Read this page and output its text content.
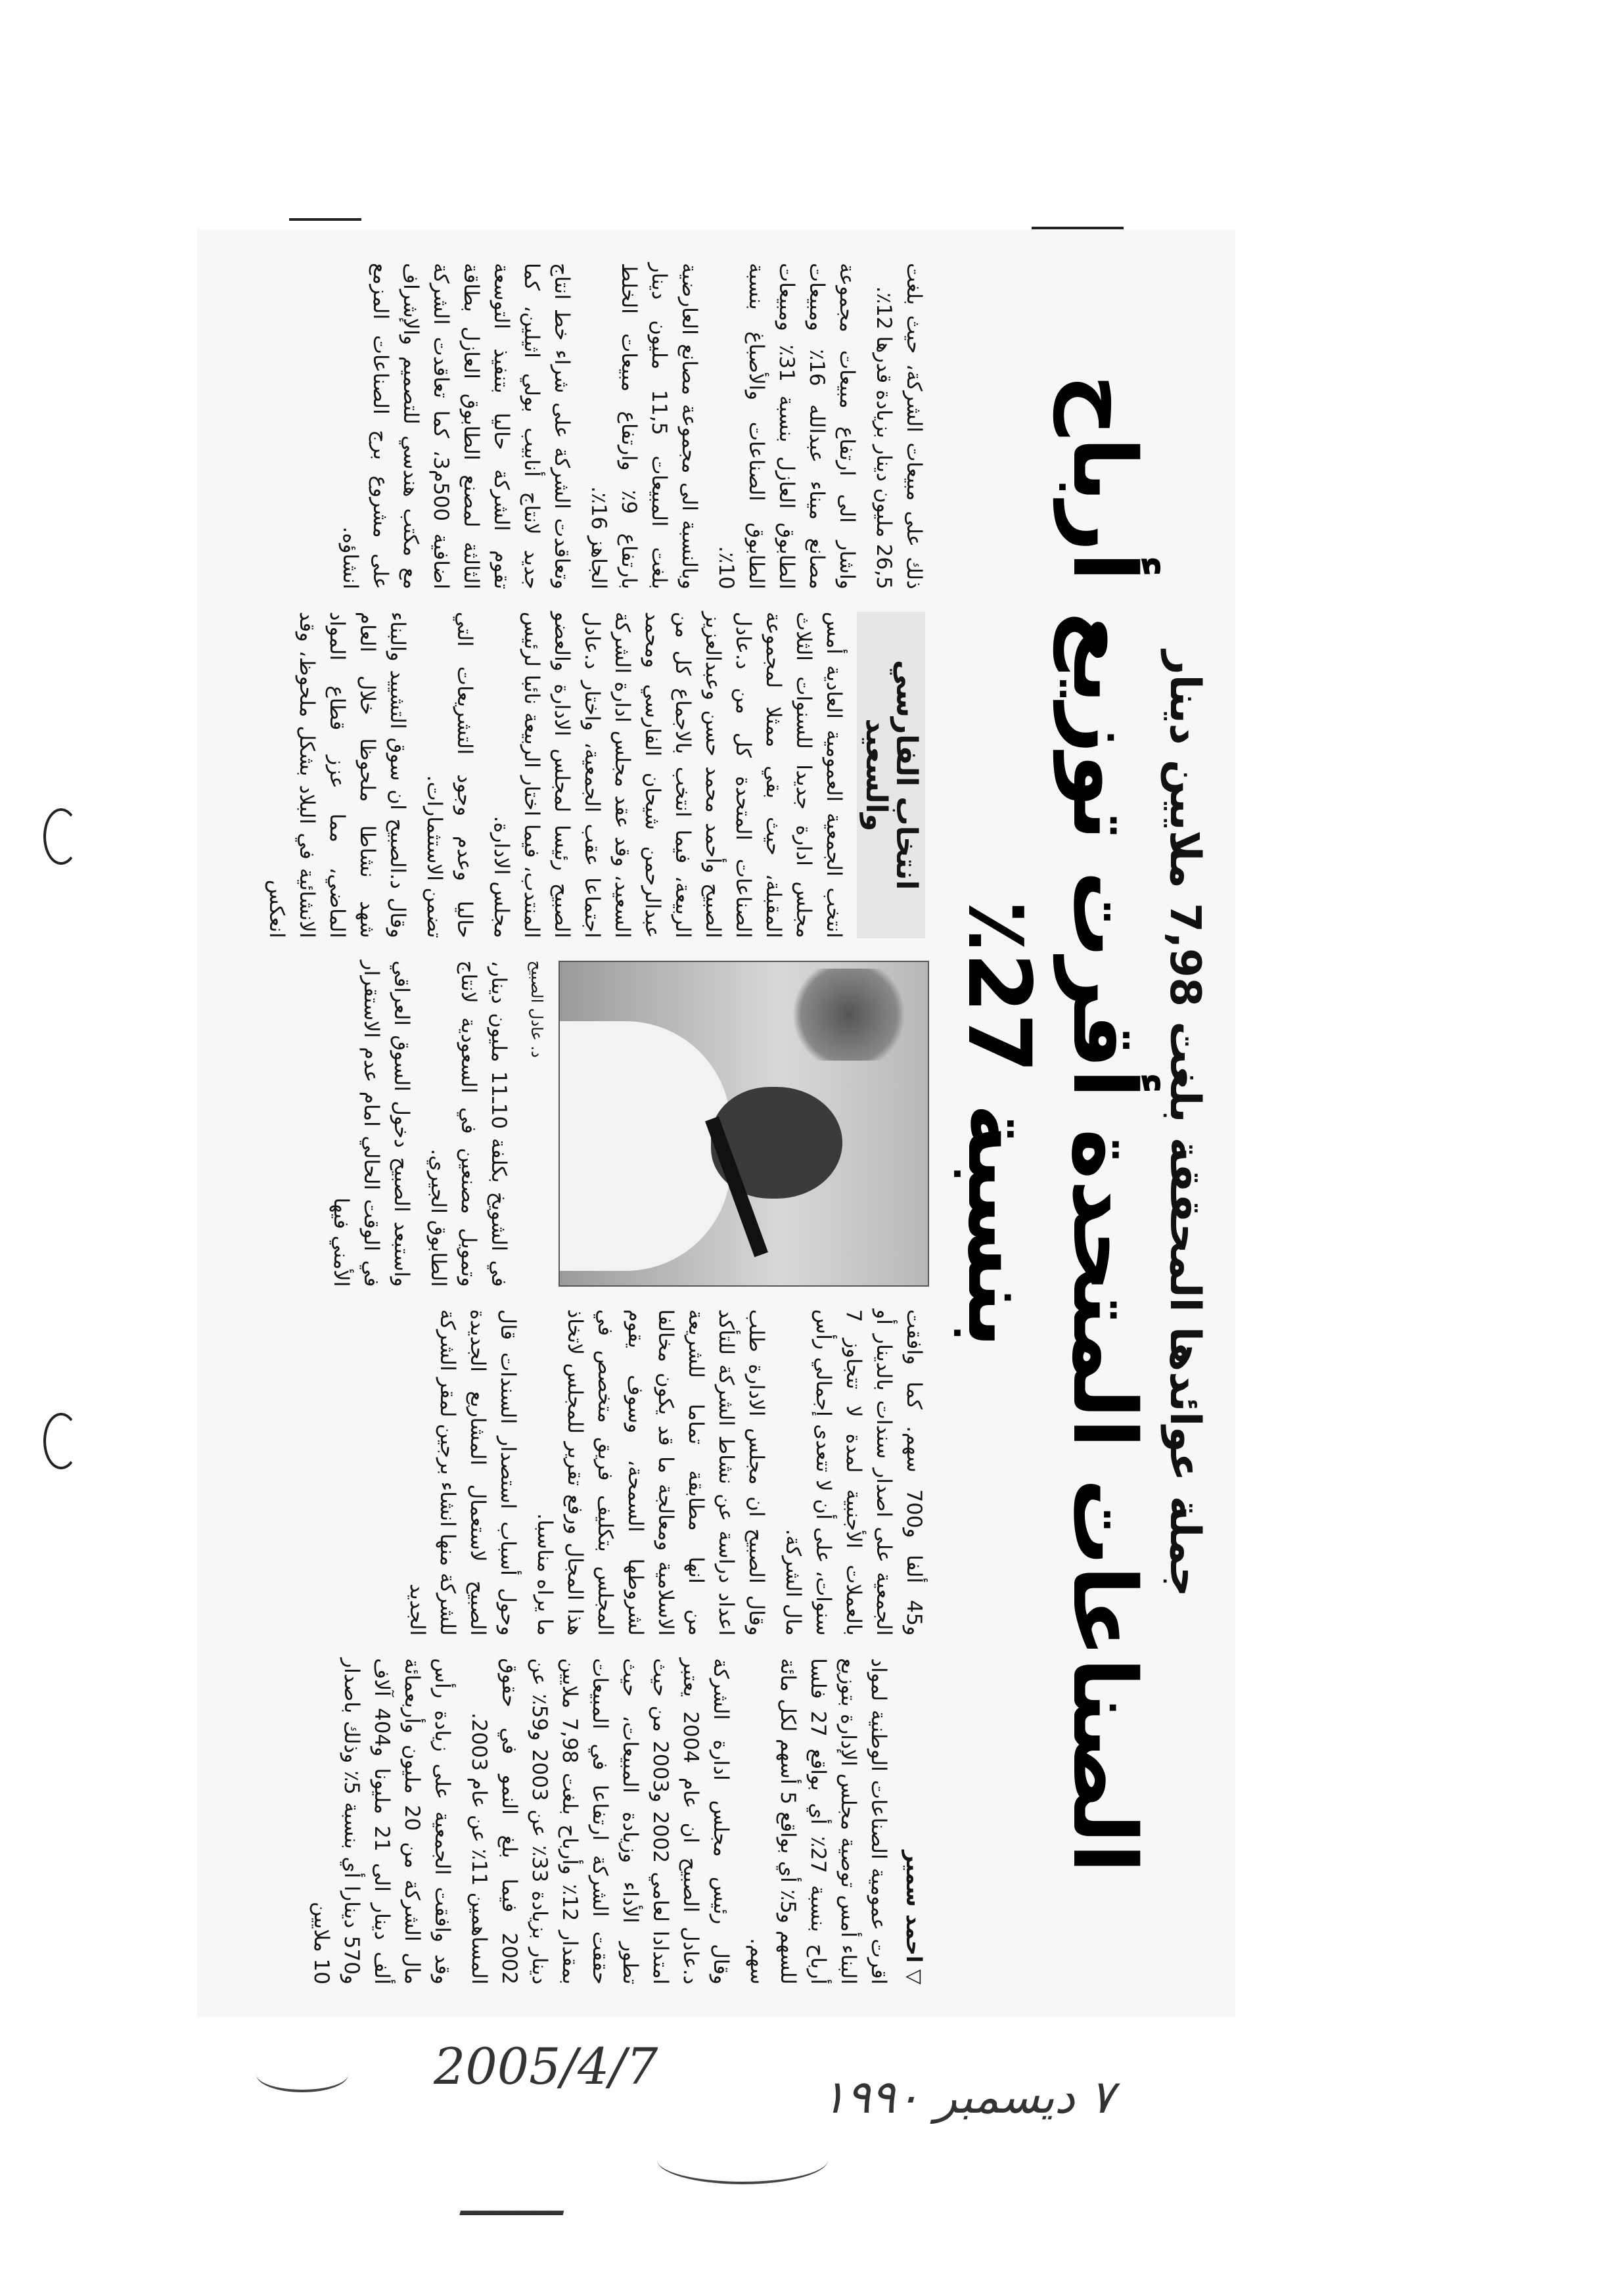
جملة عوائدها المحققة بلغت 7,98 ملايين دينار
الصناعات المتحدة أقرت توزيع أرباح بنسبة 27٪
▽
احمد سمير

اقرت عمومية الصناعات الوطنية لمواد البناء أمس توصية مجلس الإدارة بتوزيع أرباح بنسبة 27٪ أي بواقع 27 فلسا للسهم و5٪ أي بواقع 5 أسهم لكل مائة سهم.

وقال رئيس مجلس ادارة الشركة د.عادل الصبيح ان عام 2004 يعتبر امتدادا لعامي 2002 و2003 من حيث تطور الأداء وزيادة المبيعات، حيث حققت الشركة ارتفاعا في المبيعات بمقدار 12٪ وأرباح بلغت 7,98 ملايين دينار بزيادة 33٪ عن 2003 و59٪ عن 2002 فيما بلغ النمو في حقوق المساهمين 11٪ عن عام 2003.

وقد وافقت الجمعية على زيادة رأس مال الشركة من 20 مليون وأربعمائة ألف دينار الى 21 مليونا و404 آلاف و570 دينارا أي بنسبة 5٪ وذلك باصدار 10 ملايين

و45 ألفا و700 سهم. كما وافقت الجمعية على اصدار سندات بالدينار أو بالعملات الأجنبية لمدة لا تتجاوز 7 سنوات، على أن لا تتعدى إجمالي رأس مال الشركة.

وقال الصبيح ان مجلس الادارة طلب اعداد دراسة عن نشاط الشركة للتأكد من انها مطابقة تماما للشريعة الاسلامية ومعالجة ما قد يكون مخالفا لشروطها السمحة، وسوف يقوم المجلس بتكليف فريق متخصص في هذا المجال ورفع تقرير للمجلس لاتخاذ ما يراه مناسبا.

وحول أسباب استصدار السندات قال الصبيح لاستعمال المشاريع الجديدة للشركة منها انشاء برجين لمقر الشركة الجديد

د. عادل الصبيح

في الشويخ بكلفة 10ـ11 مليون دينار، وتمويل مصنعين في السعودية لانتاج الطابوق الجيري.

واستبعد الصبيح دخول السوق العراقي في الوقت الحالي امام عدم الاستقرار الأمني فيها

انتخاب الفارسي والسعيد

انتخب الجمعية العمومية العادية أمس مجلس ادارة جديدا للسنوات الثلاث المقبلة، حيث بقي ممثلا لمجموعة الصناعات المتحدة كل من د.عادل الصبيح وأحمد محمد حسن وعبدالعزيز الربيعة، فيما انتخب بالاجماع كل من عبدالرحمن شيحان الفارسي ومحمد السعيد، وقد عقد مجلس ادارة الشركة اجتماعا عقب الجمعية، واختار د.عادل الصبيح رئيسا لمجلس الادارة والعضو المنتدب، فيما اختار الربيعة نائبا لرئيس مجلس الادارة.

حاليا وعدم وجود التشريعات التي تضمن الاستثمارات.

وقال د.الصبيح ان سوق التشييد والبناء شهد نشاطا ملحوظا خلال العام الماضي، مما عزز قطاع المواد الانشائية في البلاد بشكل ملحوظ، وقد انعكس

ذلك على مبيعات الشركة، حيث بلغت 26,5 مليون دينار بزيادة قدرها 12٪.

واشار الى ارتفاع مبيعات مجموعة مصانع ميناء عبدالله 16٪ ومبيعات الطابوق العازل بنسبة 31٪ ومبيعات الطابوق الصناعات والأصباغ بنسبة 10٪.

وبالنسبة الى مجموعة مصانع العارضية بلغت المبيعات 11,5 مليون دينار بارتفاع 9٪ وارتفاع مبيعات الخلط الجاهز 16٪.

وتعاقدت الشركة على شراء خط انتاج جديد لانتاج أنابيب بولي اثيلين، كما تقوم الشركة حاليا بتنفيذ التوسعة الثالثة لمصنع الطابوق العازل بطاقة اضافية 500م3، كما تعاقدت الشركة مع مكتب هندسي للتصميم والإشراف على مشروع برج الصناعات المزمع انشاؤه.

2005/4/7
٧ ديسمبر ١٩٩٠
ـــــــ
